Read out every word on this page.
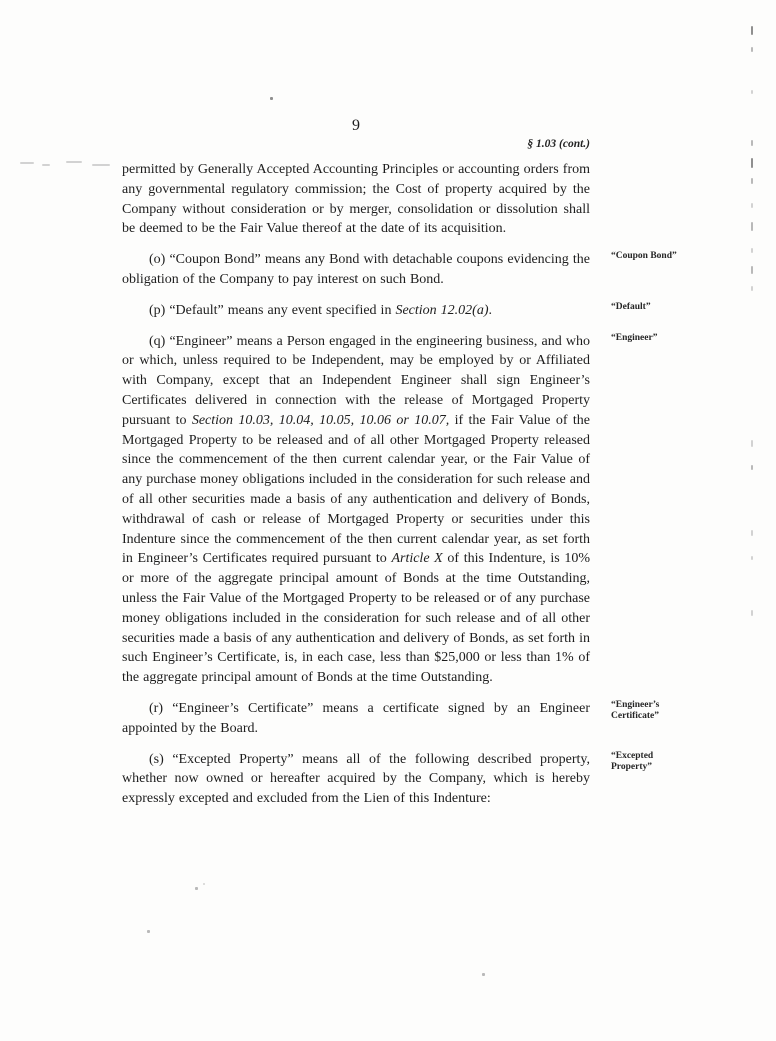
9
§ 1.03 (cont.)

permitted by Generally Accepted Accounting Principles or accounting orders from any governmental regulatory commission; the Cost of property acquired by the Company without consideration or by merger, consolidation or dissolution shall be deemed to be the Fair Value thereof at the date of its acquisition.

(o) “Coupon Bond” means any Bond with detachable coupons evidencing the obligation of the Company to pay interest on such Bond.
“Coupon Bond”

(p) “Default” means any event specified in Section 12.02(a).	“Default”

(q) “Engineer” means a Person engaged in the engineering business, and who or which, unless required to be Independent, may be employed by or Affiliated with Company, except that an Independent Engineer shall sign Engineer’s Certificates delivered in connection with the release of Mortgaged Property pursuant to Section 10.03, 10.04, 10.05, 10.06 or 10.07, if the Fair Value of the Mortgaged Property to be released and of all other Mortgaged Property released since the commencement of the then current calendar year, or the Fair Value of any purchase money obligations included in the consideration for such release and of all other securities made a basis of any authentication and delivery of Bonds, withdrawal of cash or release of Mortgaged Property or securities under this Indenture since the commencement of the then current calendar year, as set forth in Engineer’s Certificates required pursuant to Article X of this Indenture, is 10% or more of the aggregate principal amount of Bonds at the time Outstanding, unless the Fair Value of the Mortgaged Property to be released or of any purchase money obligations included in the consideration for such release and of all other securities made a basis of any authentication and delivery of Bonds, as set forth in such Engineer’s Certificate, is, in each case, less than $25,000 or less than 1% of the aggregate principal amount of Bonds at the time Outstanding.
“Engineer”

(r) “Engineer’s Certificate” means a certificate signed by an Engineer appointed by the Board.
“Engineer’s Certificate”

(s) “Excepted Property” means all of the following described property, whether now owned or hereafter acquired by the Company, which is hereby expressly excepted and excluded from the Lien of this Indenture:
“Excepted Property”
